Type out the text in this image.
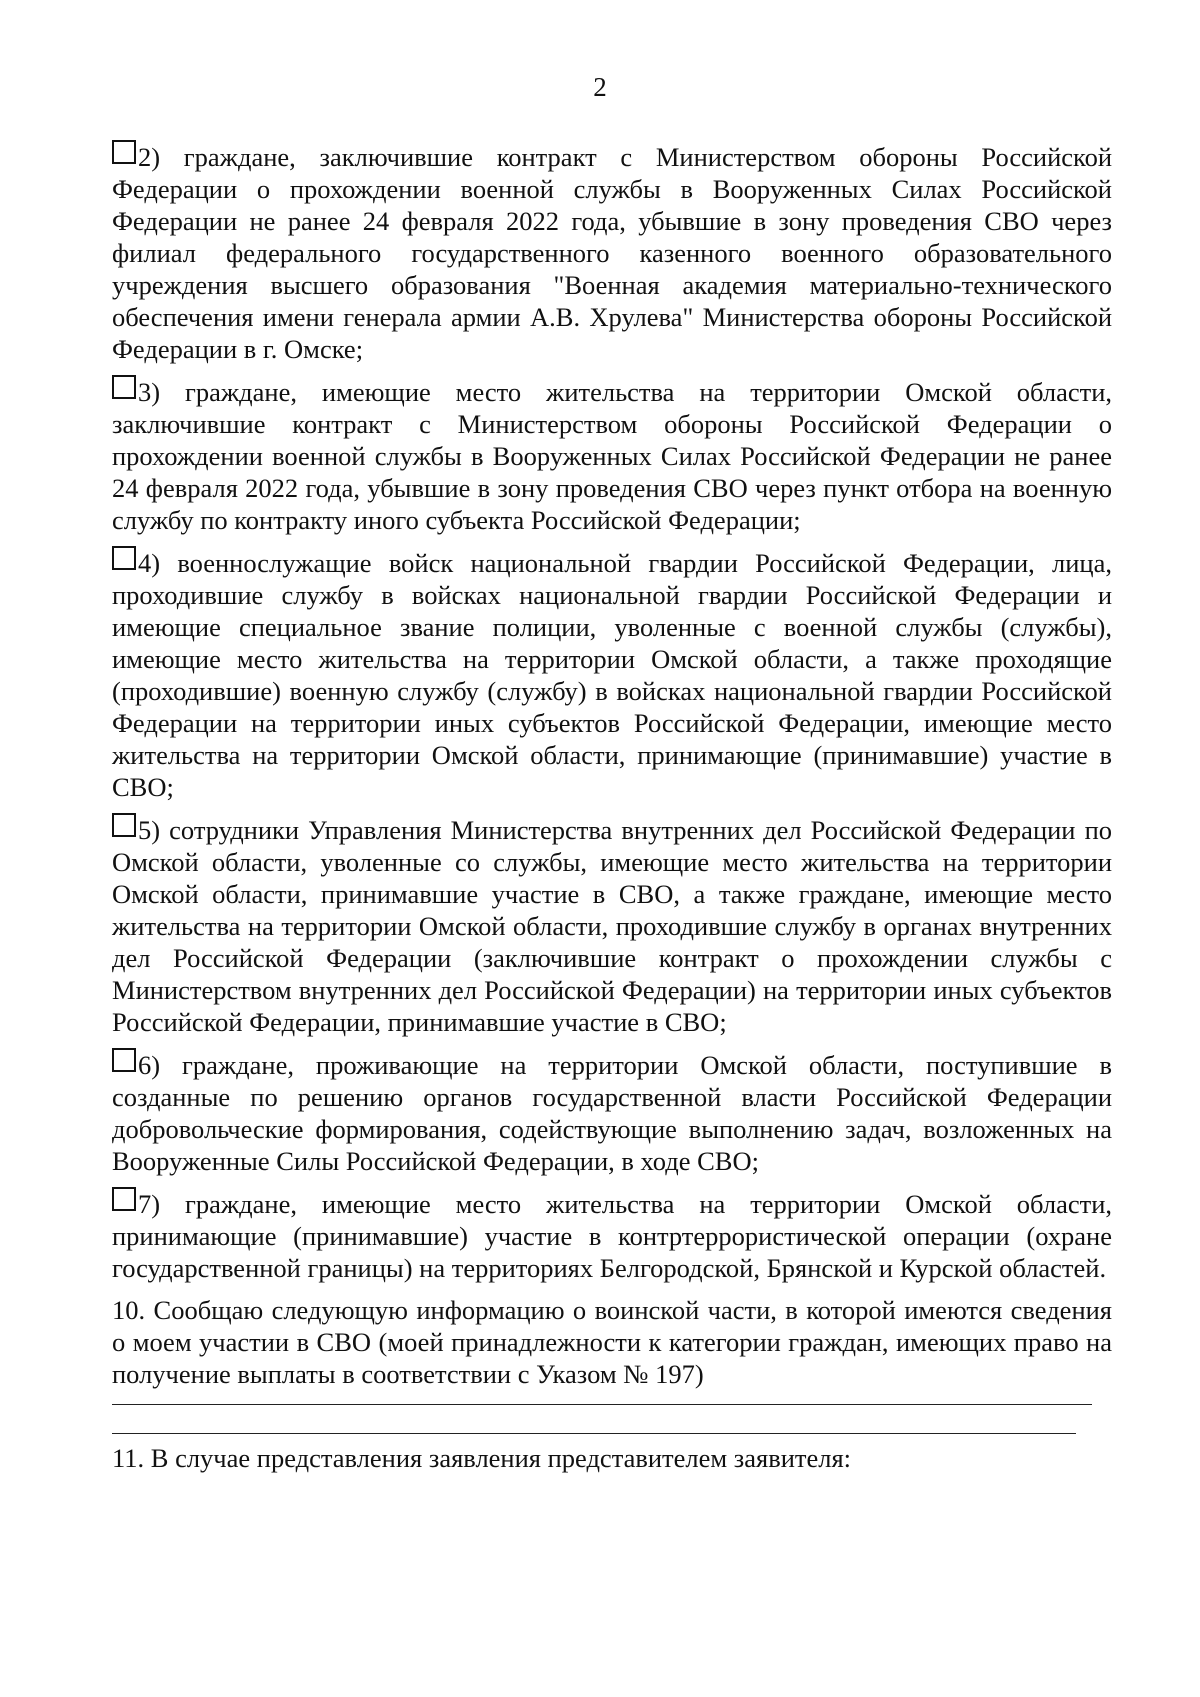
2

2) граждане, заключившие контракт с Министерством обороны Российской Федерации о прохождении военной службы в Вооруженных Силах Российской Федерации не ранее 24 февраля 2022 года, убывшие в зону проведения СВО через филиал федерального государственного казенного военного образовательного учреждения высшего образования "Военная академия материально-технического обеспечения имени генерала армии А.В. Хрулева" Министерства обороны Российской Федерации в г. Омске;

3) граждане, имеющие место жительства на территории Омской области, заключившие контракт с Министерством обороны Российской Федерации о прохождении военной службы в Вооруженных Силах Российской Федерации не ранее 24 февраля 2022 года, убывшие в зону проведения СВО через пункт отбора на военную службу по контракту иного субъекта Российской Федерации;

4) военнослужащие войск национальной гвардии Российской Федерации, лица, проходившие службу в войсках национальной гвардии Российской Федерации и имеющие специальное звание полиции, уволенные с военной службы (службы), имеющие место жительства на территории Омской области, а также проходящие (проходившие) военную службу (службу) в войсках национальной гвардии Российской Федерации на территории иных субъектов Российской Федерации, имеющие место жительства на территории Омской области, принимающие (принимавшие) участие в СВО;

5) сотрудники Управления Министерства внутренних дел Российской Федерации по Омской области, уволенные со службы, имеющие место жительства на территории Омской области, принимавшие участие в СВО, а также граждане, имеющие место жительства на территории Омской области, проходившие службу в органах внутренних дел Российской Федерации (заключившие контракт о прохождении службы с Министерством внутренних дел Российской Федерации) на территории иных субъектов Российской Федерации, принимавшие участие в СВО;

6) граждане, проживающие на территории Омской области, поступившие в созданные по решению органов государственной власти Российской Федерации добровольческие формирования, содействующие выполнению задач, возложенных на Вооруженные Силы Российской Федерации, в ходе СВО;

7) граждане, имеющие место жительства на территории Омской области, принимающие (принимавшие) участие в контртеррористической операции (охране государственной границы) на территориях Белгородской, Брянской и Курской областей.

10. Сообщаю следующую информацию о воинской части, в которой имеются сведения о моем участии в СВО (моей принадлежности к категории граждан, имеющих право на получение выплаты в соответствии с Указом № 197)

11. В случае представления заявления представителем заявителя:
